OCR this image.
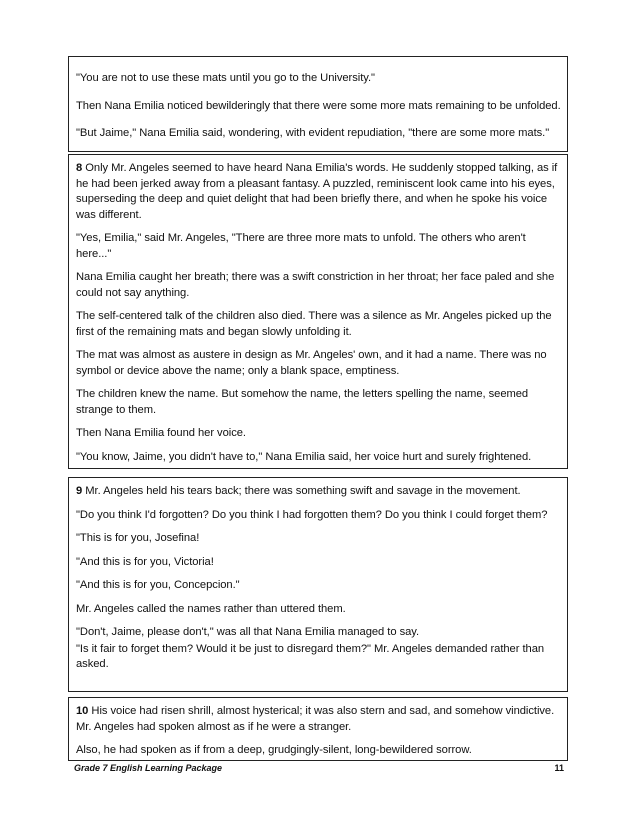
"You are not to use these mats until you go to the University."

Then Nana Emilia noticed bewilderingly that there were some more mats remaining to be unfolded.

"But Jaime," Nana Emilia said, wondering, with evident repudiation, "there are some more mats."

8 Only Mr. Angeles seemed to have heard Nana Emilia's words. He suddenly stopped talking, as if he had been jerked away from a pleasant fantasy. A puzzled, reminiscent look came into his eyes, superseding the deep and quiet delight that had been briefly there, and when he spoke his voice was different.

"Yes, Emilia," said Mr. Angeles, "There are three more mats to unfold. The others who aren't here..."

Nana Emilia caught her breath; there was a swift constriction in her throat; her face paled and she could not say anything.

The self-centered talk of the children also died. There was a silence as Mr. Angeles picked up the first of the remaining mats and began slowly unfolding it.

The mat was almost as austere in design as Mr. Angeles' own, and it had a name. There was no symbol or device above the name; only a blank space, emptiness.

The children knew the name. But somehow the name, the letters spelling the name, seemed strange to them.

Then Nana Emilia found her voice.

"You know, Jaime, you didn't have to," Nana Emilia said, her voice hurt and surely frightened.

9 Mr. Angeles held his tears back; there was something swift and savage in the movement.

"Do you think I'd forgotten? Do you think I had forgotten them? Do you think I could forget them?

"This is for you, Josefina!

"And this is for you, Victoria!

"And this is for you, Concepcion."

Mr. Angeles called the names rather than uttered them.

"Don't, Jaime, please don't," was all that Nana Emilia managed to say.

"Is it fair to forget them? Would it be just to disregard them?" Mr. Angeles demanded rather than asked.

10 His voice had risen shrill, almost hysterical; it was also stern and sad, and somehow vindictive. Mr. Angeles had spoken almost as if he were a stranger.

Also, he had spoken as if from a deep, grudgingly-silent, long-bewildered sorrow.

Grade 7 English Learning Package	11
